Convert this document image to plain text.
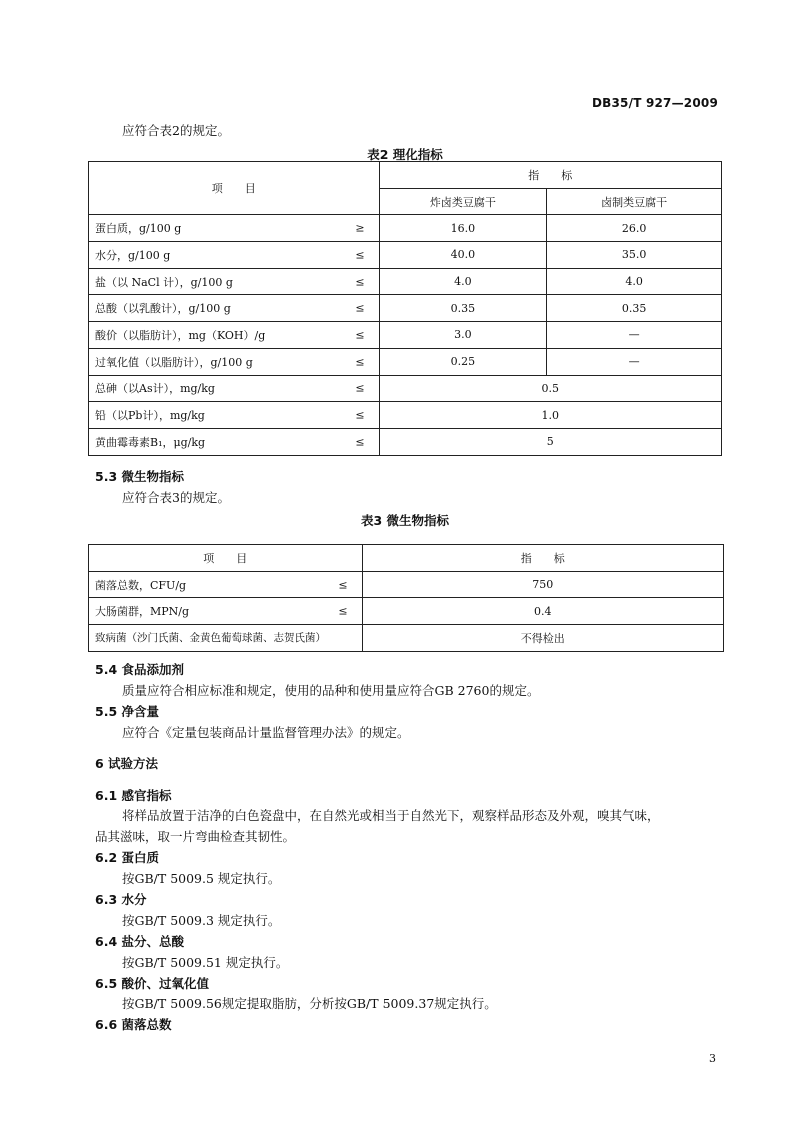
DB35/T 927—2009
应符合表2的规定。
表2 理化指标
项　　目	指　　标	
	炸卤类豆腐干	卤制类豆腐干
蛋白质，g/100 g ≥	16.0	26.0
水分，g/100 g ≤	40.0	35.0
盐（以 NaCl 计），g/100 g ≤	4.0	4.0
总酸（以乳酸计），g/100 g ≤	0.35	0.35
酸价（以脂肪计），mg（KOH）/g ≤	3.0	—
过氧化值（以脂肪计），g/100 g ≤	0.25	—
总砷（以As计），mg/kg ≤	0.5	
铅（以Pb计），mg/kg ≤	1.0	
黄曲霉毒素B₁，μg/kg ≤	5	
5.3 微生物指标
应符合表3的规定。
表3 微生物指标
项　　目	指　　标
菌落总数，CFU/g ≤	750
大肠菌群，MPN/g ≤	0.4
致病菌（沙门氏菌、金黄色葡萄球菌、志贺氏菌）	不得检出
5.4 食品添加剂
质量应符合相应标准和规定，使用的品种和使用量应符合GB 2760的规定。
5.5 净含量
应符合《定量包装商品计量监督管理办法》的规定。
6 试验方法
6.1 感官指标
将样品放置于洁净的白色瓷盘中，在自然光或相当于自然光下，观察样品形态及外观，嗅其气味，
品其滋味，取一片弯曲检查其韧性。
6.2 蛋白质
按GB/T 5009.5 规定执行。
6.3 水分
按GB/T 5009.3 规定执行。
6.4 盐分、总酸
按GB/T 5009.51 规定执行。
6.5 酸价、过氧化值
按GB/T 5009.56规定提取脂肪，分析按GB/T 5009.37规定执行。
6.6 菌落总数
3
